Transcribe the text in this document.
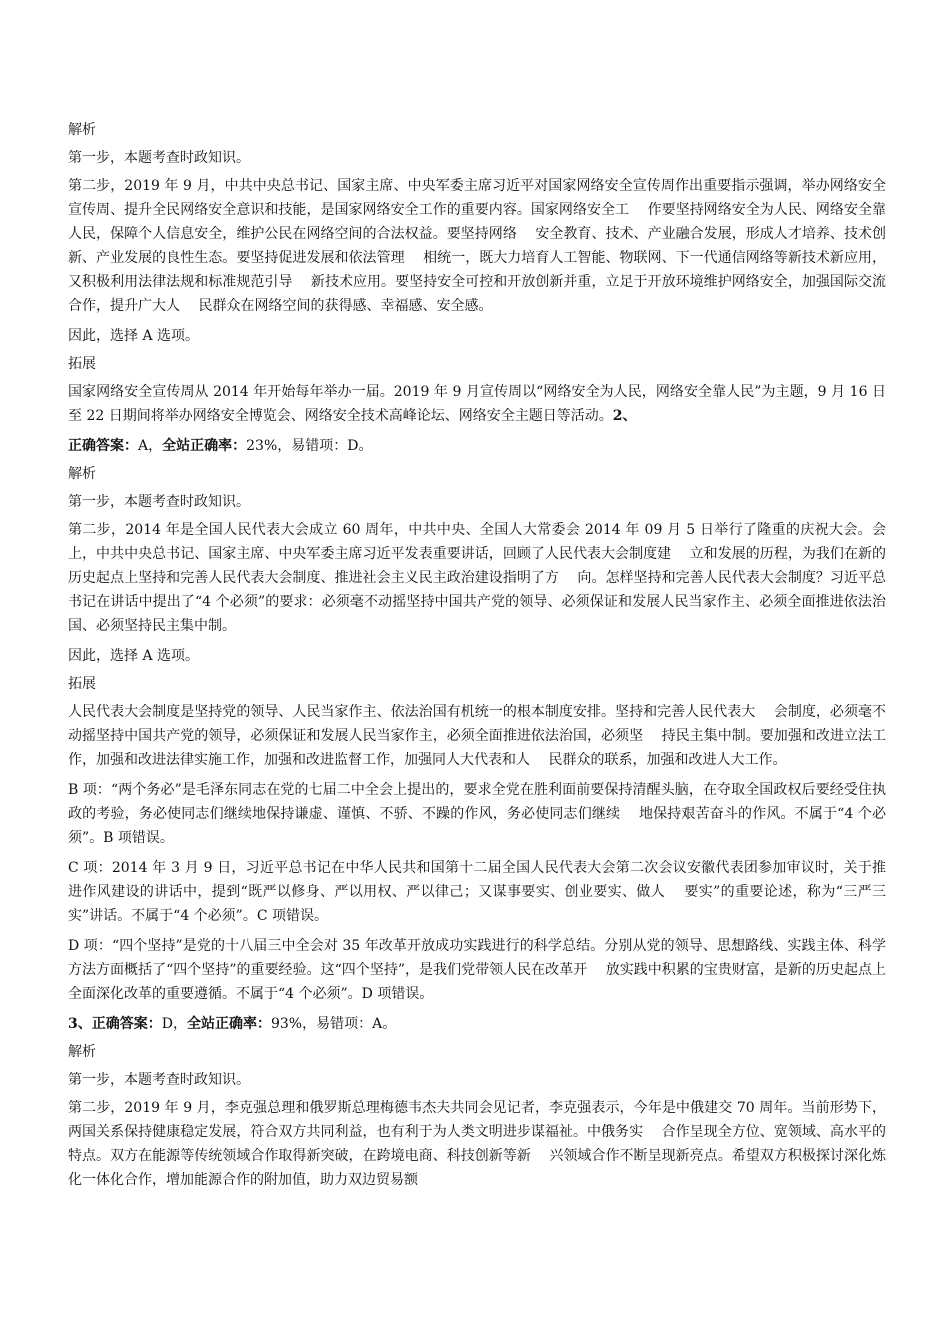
解析

第一步，本题考查时政知识。

第二步，2019 年 9 月，中共中央总书记、国家主席、中央军委主席习近平对国家网络安全宣传周作出重要指示强调，举办网络安全宣传周、提升全民网络安全意识和技能，是国家网络安全工作的重要内容。国家网络安全工 　作要坚持网络安全为人民、网络安全靠人民，保障个人信息安全，维护公民在网络空间的合法权益。要坚持网络 　安全教育、技术、产业融合发展，形成人才培养、技术创新、产业发展的良性生态。要坚持促进发展和依法管理 　相统一，既大力培育人工智能、物联网、下一代通信网络等新技术新应用，又积极利用法律法规和标准规范引导 　新技术应用。要坚持安全可控和开放创新并重，立足于开放环境维护网络安全，加强国际交流合作，提升广大人 　民群众在网络空间的获得感、幸福感、安全感。

因此，选择 A 选项。

拓展

国家网络安全宣传周从 2014 年开始每年举办一届。2019 年 9 月宣传周以“网络安全为人民，网络安全靠人民”为主题，9 月 16 日至 22 日期间将举办网络安全博览会、网络安全技术高峰论坛、网络安全主题日等活动。2、

正确答案：A，全站正确率：23%，易错项：D。

解析

第一步，本题考查时政知识。

第二步，2014 年是全国人民代表大会成立 60 周年，中共中央、全国人大常委会 2014 年 09 月 5 日举行了隆重的庆祝大会。会上，中共中央总书记、国家主席、中央军委主席习近平发表重要讲话，回顾了人民代表大会制度建 　立和发展的历程，为我们在新的历史起点上坚持和完善人民代表大会制度、推进社会主义民主政治建设指明了方 　向。怎样坚持和完善人民代表大会制度？习近平总书记在讲话中提出了“4 个必须”的要求：必须毫不动摇坚持中国共产党的领导、必须保证和发展人民当家作主、必须全面推进依法治国、必须坚持民主集中制。

因此，选择 A 选项。

拓展

人民代表大会制度是坚持党的领导、人民当家作主、依法治国有机统一的根本制度安排。坚持和完善人民代表大 　会制度，必须毫不动摇坚持中国共产党的领导，必须保证和发展人民当家作主，必须全面推进依法治国，必须坚 　持民主集中制。要加强和改进立法工作，加强和改进法律实施工作，加强和改进监督工作，加强同人大代表和人 　民群众的联系，加强和改进人大工作。

B 项：“两个务必”是毛泽东同志在党的七届二中全会上提出的，要求全党在胜利面前要保持清醒头脑，在夺取全国政权后要经受住执政的考验，务必使同志们继续地保持谦虚、谨慎、不骄、不躁的作风，务必使同志们继续 　地保持艰苦奋斗的作风。不属于“4 个必须”。B 项错误。

C 项：2014 年 3 月 9 日，习近平总书记在中华人民共和国第十二届全国人民代表大会第二次会议安徽代表团参加审议时，关于推进作风建设的讲话中，提到“既严以修身、严以用权、严以律己；又谋事要实、创业要实、做人 　要实”的重要论述，称为“三严三实”讲话。不属于“4 个必须”。C 项错误。

D 项：“四个坚持”是党的十八届三中全会对 35 年改革开放成功实践进行的科学总结。分别从党的领导、思想路线、实践主体、科学方法方面概括了“四个坚持”的重要经验。这“四个坚持”，是我们党带领人民在改革开 　放实践中积累的宝贵财富，是新的历史起点上全面深化改革的重要遵循。不属于“4 个必须”。D 项错误。

3、正确答案：D，全站正确率：93%，易错项：A。

解析

第一步，本题考查时政知识。

第二步，2019 年 9 月，李克强总理和俄罗斯总理梅德韦杰夫共同会见记者，李克强表示，今年是中俄建交 70 周年。当前形势下，两国关系保持健康稳定发展，符合双方共同利益，也有利于为人类文明进步谋福祉。中俄务实 　合作呈现全方位、宽领域、高水平的特点。双方在能源等传统领域合作取得新突破，在跨境电商、科技创新等新 　兴领域合作不断呈现新亮点。希望双方积极探讨深化炼化一体化合作，增加能源合作的附加值，助力双边贸易额
